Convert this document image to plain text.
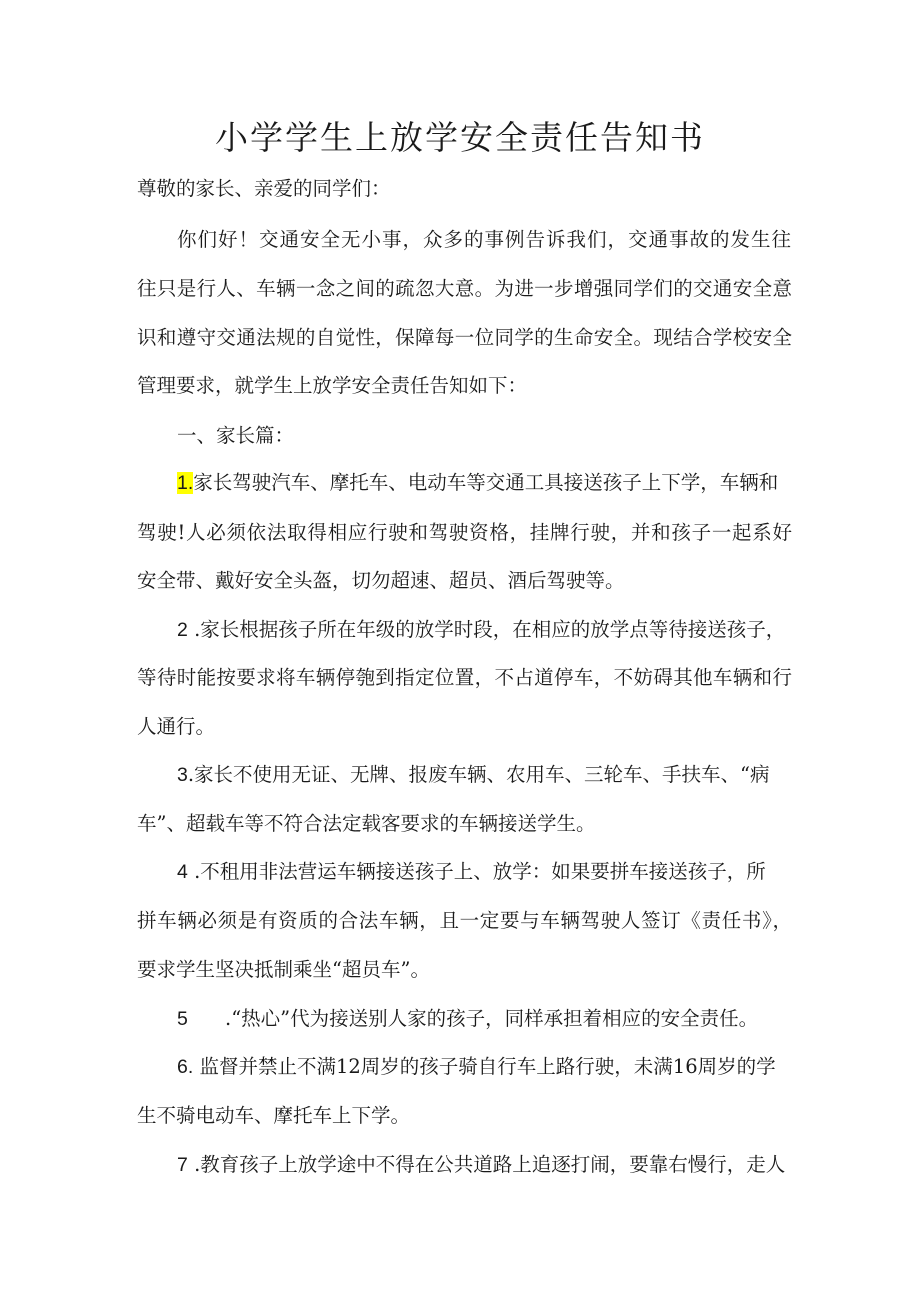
小学学生上放学安全责任告知书
尊敬的家长、亲爱的同学们：
你们好！交通安全无小事，众多的事例告诉我们，交通事故的发生往
往只是行人、车辆一念之间的疏忽大意。为进一步增强同学们的交通安全意
识和遵守交通法规的自觉性，保障每一位同学的生命安全。现结合学校安全
管理要求，就学生上放学安全责任告知如下：
一、家长篇：
1.家长驾驶汽车、摩托车、电动车等交通工具接送孩子上下学，车辆和
驾驶!人必须依法取得相应行驶和驾驶资格，挂牌行驶，并和孩子一起系好
安全带、戴好安全头盔，切勿超速、超员、酒后驾驶等。
2 .家长根据孩子所在年级的放学时段，在相应的放学点等待接送孩子，
等待时能按要求将车辆停匏到指定位置，不占道停车，不妨碍其他车辆和行
人通行。
3.家长不使用无证、无牌、报废车辆、农用车、三轮车、手扶车、“病
车”、超载车等不符合法定载客要求的车辆接送学生。
4 .不租用非法营运车辆接送孩子上、放学：如果要拼车接送孩子，所
拼车辆必须是有资质的合法车辆，且一定要与车辆驾驶人签订《责任书》，
要求学生坚决抵制乘坐“超员车”。
5 .“热心”代为接送别人家的孩子，同样承担着相应的安全责任。
6. 监督并禁止不满12周岁的孩子骑自行车上路行驶，未满16周岁的学
生不骑电动车、摩托车上下学。
7 .教育孩子上放学途中不得在公共道路上追逐打闹，要靠右慢行，走人
